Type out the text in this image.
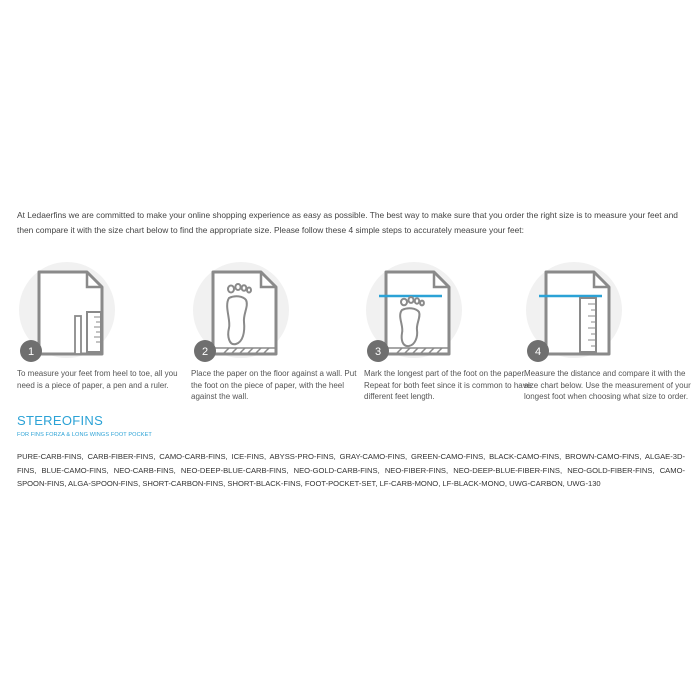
At Ledaerfins we are committed to make your online shopping experience as easy as possible. The best way to make sure that you order the right size is to measure your feet and then compare it with the size chart below to find the appropriate size. Please follow these 4 simple steps to accurately measure your feet:
1
To measure your feet from heel to toe, all you need is a piece of paper, a pen and a ruler.
2
Place the paper on the floor against a wall. Put the foot on the piece of paper, with the heel against the wall.
3
Mark the longest part of the foot on the paper. Repeat for both feet since it is common to have different feet length.
4
Measure the distance and compare it with the size chart below. Use the measurement of your longest foot when choosing what size to order.
STEREOFINS
FOR FINS FORZA & LONG WINGS FOOT POCKET
PURE-CARB-FINS, CARB-FIBER-FINS, CAMO-CARB-FINS, ICE-FINS, ABYSS-PRO-FINS, GRAY-CAMO-FINS, GREEN-CAMO-FINS, BLACK-CAMO-FINS, BROWN-CAMO-FINS, ALGAE-3D-FINS, BLUE-CAMO-FINS, NEO-CARB-FINS, NEO-DEEP-BLUE-CARB-FINS, NEO-GOLD-CARB-FINS, NEO-FIBER-FINS, NEO-DEEP-BLUE-FIBER-FINS, NEO-GOLD-FIBER-FINS, CAMO-SPOON-FINS, ALGA-SPOON-FINS, SHORT-CARBON-FINS, SHORT-BLACK-FINS, FOOT-POCKET-SET, LF-CARB-MONO, LF-BLACK-MONO, UWG-CARBON, UWG-130
